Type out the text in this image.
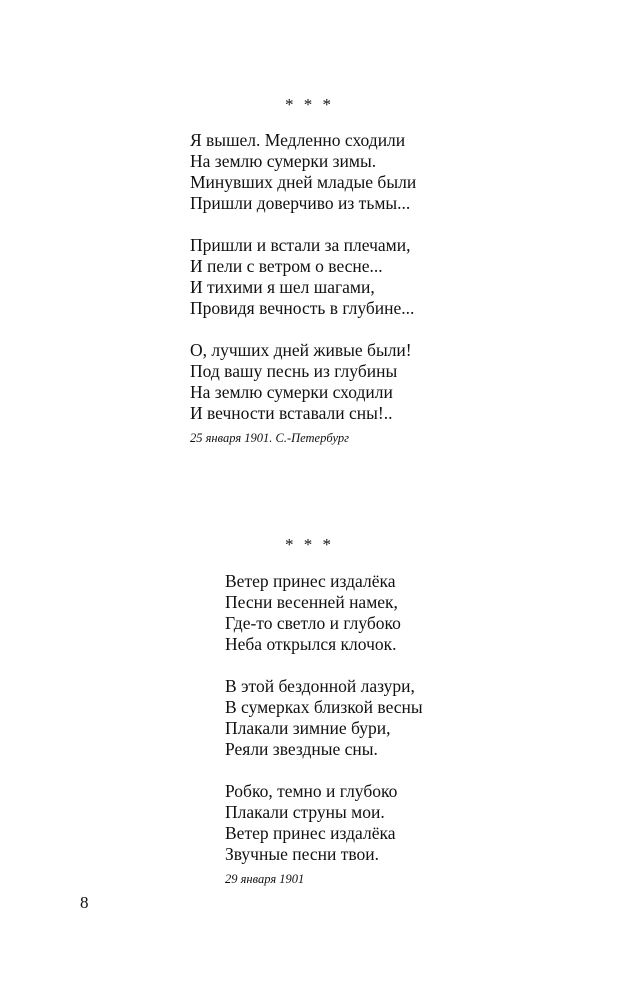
* * *
Я вышел. Медленно сходили
На землю сумерки зимы.
Минувших дней младые были
Пришли доверчиво из тьмы...
Пришли и встали за плечами,
И пели с ветром о весне...
И тихими я шел шагами,
Провидя вечность в глубине...
О, лучших дней живые были!
Под вашу песнь из глубины
На землю сумерки сходили
И вечности вставали сны!..
25 января 1901. С.-Петербург
* * *
Ветер принес издалёка
Песни весенней намек,
Где-то светло и глубоко
Неба открылся клочок.
В этой бездонной лазури,
В сумерках близкой весны
Плакали зимние бури,
Реяли звездные сны.
Робко, темно и глубоко
Плакали струны мои.
Ветер принес издалёка
Звучные песни твои.
29 января 1901
8
